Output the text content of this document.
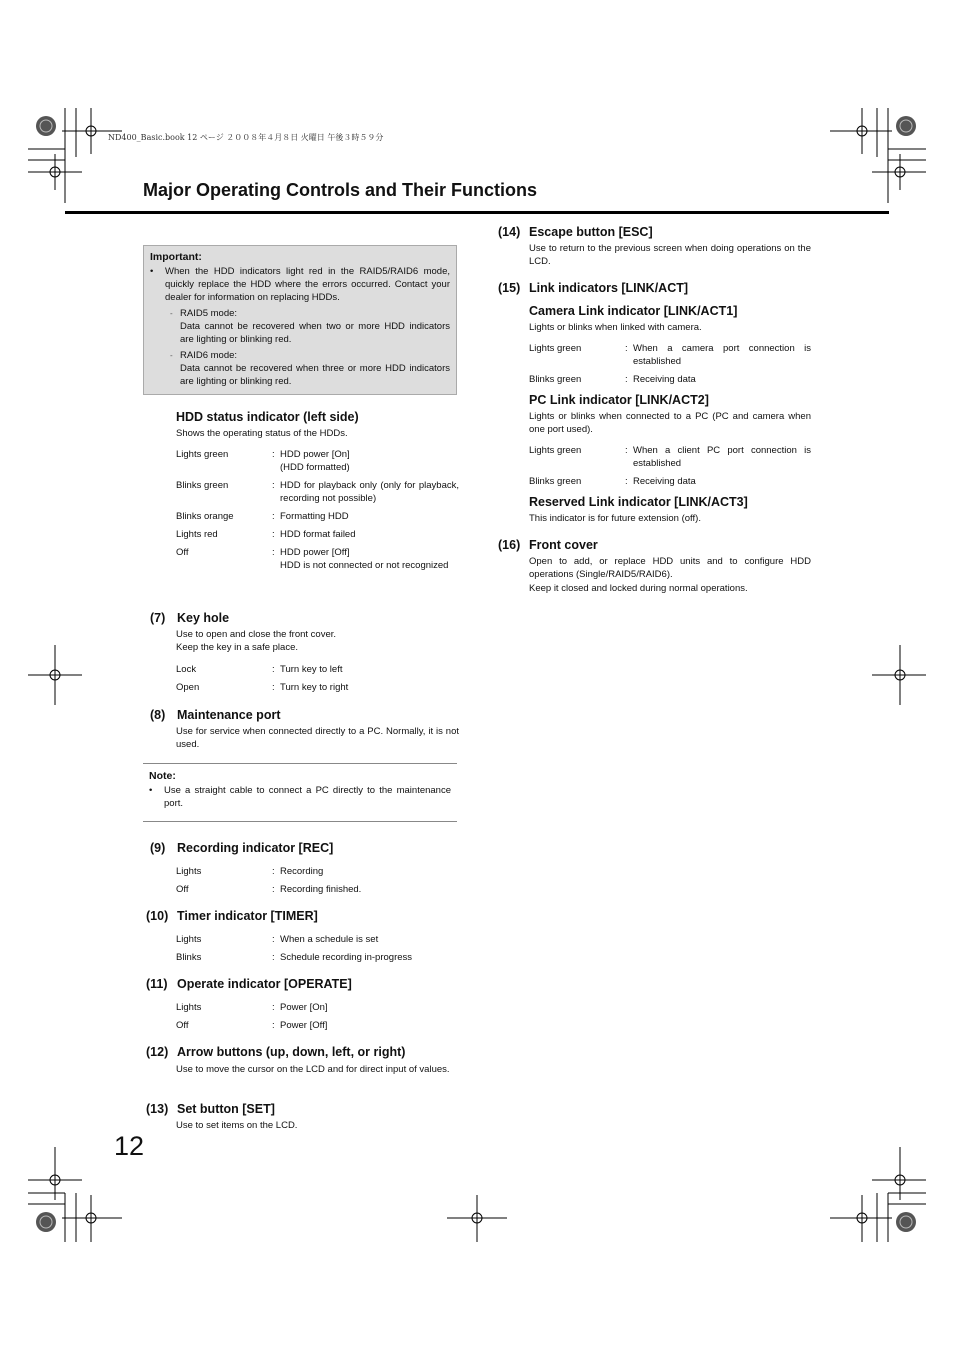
ND400_Basic.book 12 ページ ２００８年４月８日 火曜日 午後３時５９分
Major Operating Controls and Their Functions
Important:
• When the HDD indicators light red in the RAID5/RAID6 mode, quickly replace the HDD where the errors occurred. Contact your dealer for information on replacing HDDs.
- RAID5 mode:
Data cannot be recovered when two or more HDD indicators are lighting or blinking red.
- RAID6 mode:
Data cannot be recovered when three or more HDD indicators are lighting or blinking red.
HDD status indicator (left side)
Shows the operating status of the HDDs.
Lights green	: HDD power [On]
(HDD formatted)
Blinks green	: HDD for playback only (only for playback, recording not possible)
Blinks orange	: Formatting HDD
Lights red	: HDD format failed
Off	: HDD power [Off]
HDD is not connected or not recognized
(7) Key hole

Use to open and close the front cover.

Keep the key in a safe place.

Lock	: Turn key to left
Open	: Turn key to right
(8) Maintenance port
Use for service when connected directly to a PC. Normally, it is not used.
Note:
• Use a straight cable to connect a PC directly to the maintenance port.
(9) Recording indicator [REC]
Lights	: Recording
Off	: Recording finished.
(10) Timer indicator [TIMER]
Lights	: When a schedule is set
Blinks	: Schedule recording in-progress
(11) Operate indicator [OPERATE]
Lights	: Power [On]
Off	: Power [Off]
(12) Arrow buttons (up, down, left, or right)
Use to move the cursor on the LCD and for direct input of values.
(13) Set button [SET]
Use to set items on the LCD.
12
(14) Escape button [ESC]
Use to return to the previous screen when doing operations on the LCD.
(15) Link indicators [LINK/ACT]
Camera Link indicator [LINK/ACT1]
Lights or blinks when linked with camera.
Lights green	: When a camera port connection is established
Blinks green	: Receiving data
PC Link indicator [LINK/ACT2]
Lights or blinks when connected to a PC (PC and camera when one port used).
Lights green	: When a client PC port connection is established
Blinks green	: Receiving data
Reserved Link indicator [LINK/ACT3]
This indicator is for future extension (off).
(16) Front cover

Open to add, or replace HDD units and to configure HDD operations (Single/RAID5/RAID6).

Keep it closed and locked during normal operations.
